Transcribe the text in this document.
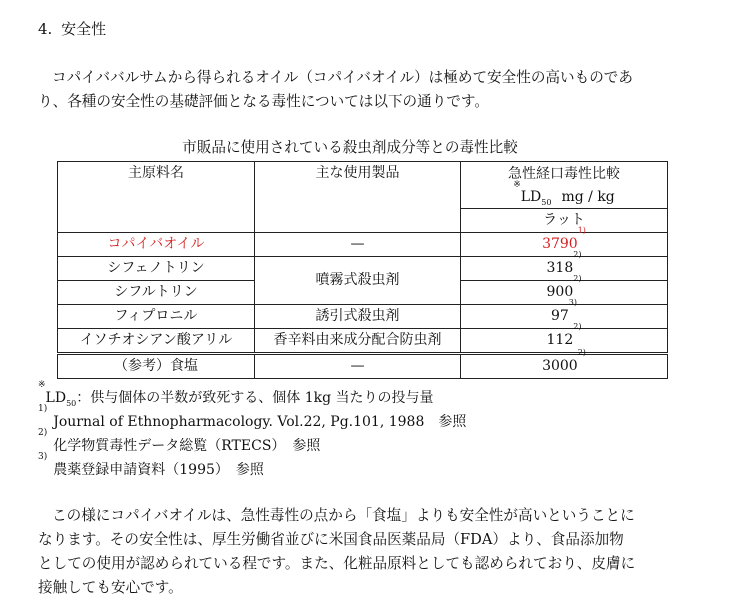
4. 安全性
コパイババルサムから得られるオイル（コパイバオイル）は極めて安全性の高いものであ
り、各種の安全性の基礎評価となる毒性については以下の通りです。
市販品に使用されている殺虫剤成分等との毒性比較
主原料名	主な使用製品	急性経口毒性比較
$^※LD_{50}$ mg / kg

		ラット
コパイバオイル	—	3790$^{1)}$
シフェノトリン	噴霧式殺虫剤	318$^{2)}$
シフルトリン		900$^{2)}$
フィプロニル	誘引式殺虫剤	97$^{3)}$
イソチオシアン酸アリル	香辛料由来成分配合防虫剤	112$^{2)}$
（参考）食塩	—	3000$^{2)}$
$^※LD_{50}$：供与個体の半数が致死する、個体 1kg 当たりの投与量
$^{1)}$Journal of Ethnopharmacology. Vol.22, Pg.101, 1988　参照
$^{2)}$化学物質毒性データ総覧（RTECS）　参照
$^{3)}$農薬登録申請資料（1995）　参照
この様にコパイバオイルは、急性毒性の点から「食塩」よりも安全性が高いということに
なります。その安全性は、厚生労働省並びに米国食品医薬品局（FDA）より、食品添加物
としての使用が認められている程です。また、化粧品原料としても認められており、皮膚に
接触しても安心です。
